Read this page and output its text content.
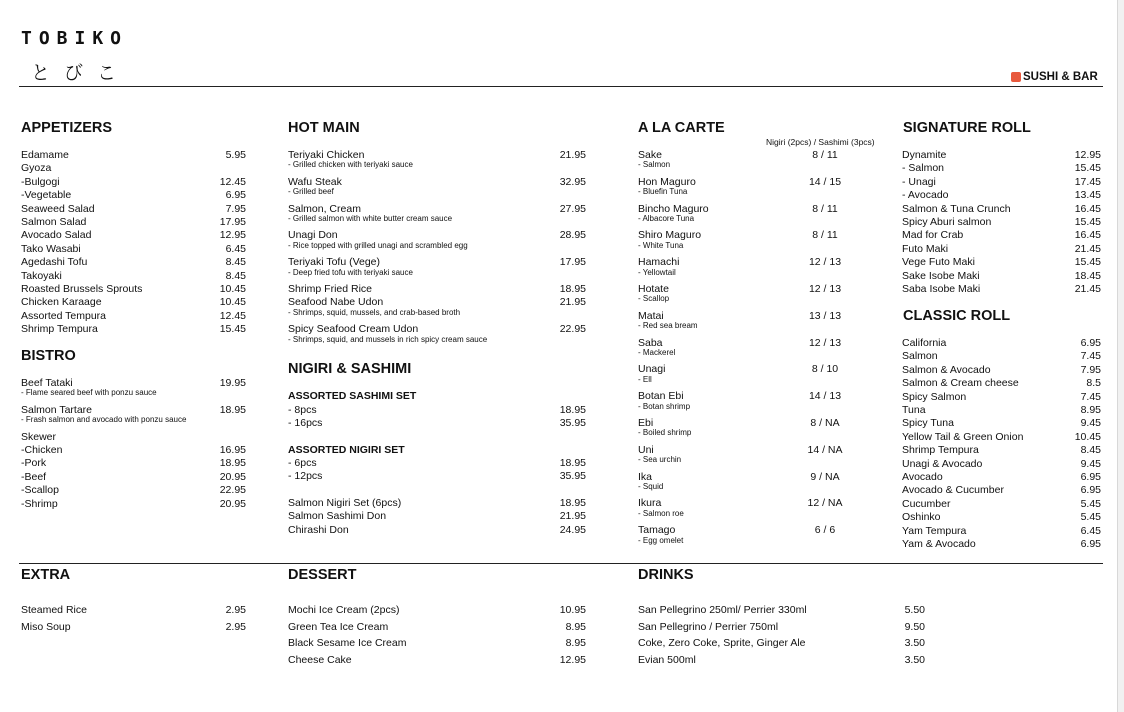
TOBIKO
とびこ	SUSHI & BAR
APPETIZERS
BISTRO
HOT MAIN
NIGIRI & SASHIMI
A LA CARTE
Nigiri (2pcs) / Sashimi (3pcs)
SIGNATURE ROLL
CLASSIC ROLL
EXTRA	DESSERT	DRINKS
ASSORTED SASHIMI SET
ASSORTED NIGIRI SET
Edamame	5.95
Gyoza
-Bulgogi	12.45
-Vegetable	6.95
Seaweed Salad	7.95
Salmon Salad	17.95
Avocado Salad	12.95
Tako Wasabi	6.45
Agedashi Tofu	8.45
Takoyaki	8.45
Roasted Brussels Sprouts	10.45
Chicken Karaage	10.45
Assorted Tempura	12.45
Shrimp Tempura	15.45
Beef Tataki	19.95
- Flame seared beef with ponzu sauce
Salmon Tartare	18.95
- Frash salmon and avocado with ponzu sauce
Skewer
-Chicken	16.95
-Pork	18.95
-Beef	20.95
-Scallop	22.95
-Shrimp	20.95
Teriyaki Chicken	21.95
- Grilled chicken with teriyaki sauce
Wafu Steak	32.95
- Grilled beef
Salmon, Cream	27.95
- Grilled salmon with white butter cream sauce
Unagi Don	28.95
- Rice topped with grilled unagi and scrambled egg
Teriyaki Tofu (Vege)	17.95
- Deep fried tofu with teriyaki sauce
Shrimp Fried Rice	18.95
Seafood Nabe Udon	21.95
- Shrimps, squid, mussels, and crab-based broth
Spicy Seafood Cream Udon	22.95
- Shrimps, squid, and mussels in rich spicy cream sauce
- 8pcs	18.95
- 16pcs	35.95
- 6pcs	18.95
- 12pcs	35.95
Salmon Nigiri Set (6pcs)	18.95
Salmon Sashimi Don	21.95
Chirashi Don	24.95
Sake	8 / 11
- Salmon
Hon Maguro	14 / 15
- Bluefin Tuna
Bincho Maguro	8 / 11
- Albacore Tuna
Shiro Maguro	8 / 11
- White Tuna
Hamachi	12 / 13
- Yellowtail
Hotate	12 / 13
- Scallop
Matai	13 / 13
- Red sea bream
Saba	12 / 13
- Mackerel
Unagi	8 / 10
- Ell
Botan Ebi	14 / 13
- Botan shrimp
Ebi	8 / NA
- Boiled shrimp
Uni	14 / NA
- Sea urchin
Ika	9 / NA
- Squid
Ikura	12 / NA
- Salmon roe
Tamago	6 / 6
- Egg omelet
Dynamite	12.95
- Salmon	15.45
- Unagi	17.45
- Avocado	13.45
Salmon & Tuna Crunch	16.45
Spicy Aburi salmon	15.45
Mad for Crab	16.45
Futo Maki	21.45
Vege Futo Maki	15.45
Sake Isobe Maki	18.45
Saba Isobe Maki	21.45
California	6.95
Salmon	7.45
Salmon & Avocado	7.95
Salmon & Cream cheese	8.5
Spicy Salmon	7.45
Tuna	8.95
Spicy Tuna	9.45
Yellow Tail & Green Onion	10.45
Shrimp Tempura	8.45
Unagi & Avocado	9.45
Avocado	6.95
Avocado & Cucumber	6.95
Cucumber	5.45
Oshinko	5.45
Yam Tempura	6.45
Yam & Avocado	6.95
Steamed Rice	2.95
Miso Soup	2.95
Mochi Ice Cream (2pcs)	10.95
Green Tea Ice Cream	8.95
Black Sesame Ice Cream	8.95
Cheese Cake	12.95
San Pellegrino 250ml/ Perrier 330ml	5.50
San Pellegrino / Perrier 750ml	9.50
Coke, Zero Coke, Sprite, Ginger Ale	3.50
Evian 500ml	3.50
